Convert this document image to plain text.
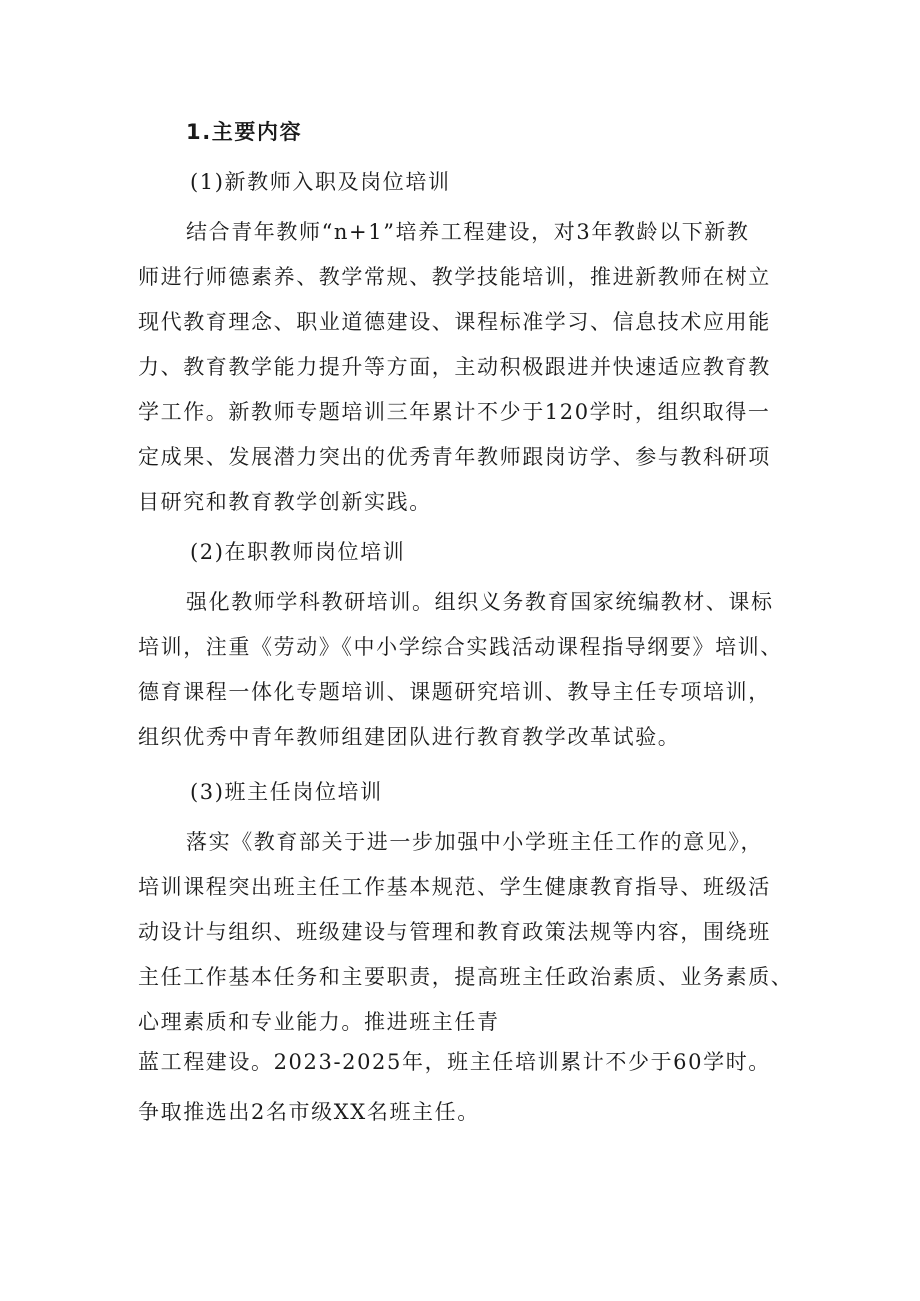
1.主要内容
(1)新教师入职及岗位培训
结合青年教师“n+1”培养工程建设，对3年教龄以下新教
师进行师德素养、教学常规、教学技能培训，推进新教师在树立
现代教育理念、职业道德建设、课程标准学习、信息技术应用能
力、教育教学能力提升等方面，主动积极跟进并快速适应教育教
学工作。新教师专题培训三年累计不少于120学时，组织取得一
定成果、发展潜力突出的优秀青年教师跟岗访学、参与教科研项
目研究和教育教学创新实践。
(2)在职教师岗位培训
强化教师学科教研培训。组织义务教育国家统编教材、课标
培训，注重《劳动》《中小学综合实践活动课程指导纲要》培训、
德育课程一体化专题培训、课题研究培训、教导主任专项培训，
组织优秀中青年教师组建团队进行教育教学改革试验。
(3)班主任岗位培训
落实《教育部关于进一步加强中小学班主任工作的意见》，
培训课程突出班主任工作基本规范、学生健康教育指导、班级活
动设计与组织、班级建设与管理和教育政策法规等内容，围绕班
主任工作基本任务和主要职责，提高班主任政治素质、业务素质、
心理素质和专业能力。推进班主任青
蓝工程建设。2023-2025年，班主任培训累计不少于60学时。
争取推选出2名市级XX名班主任。
